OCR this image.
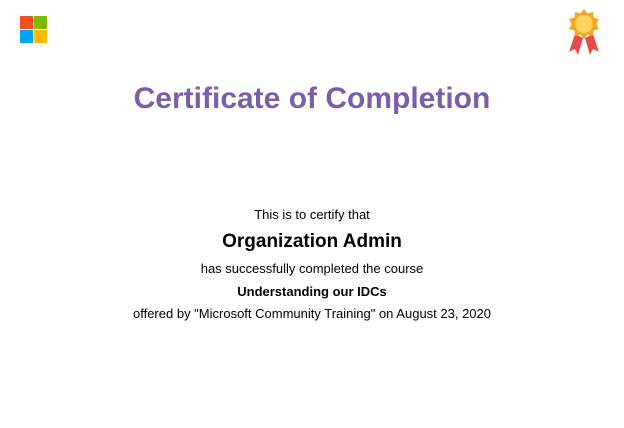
Certificate of Completion
This is to certify that
Organization Admin
has successfully completed the course
Understanding our IDCs
offered by "Microsoft Community Training" on August 23, 2020
